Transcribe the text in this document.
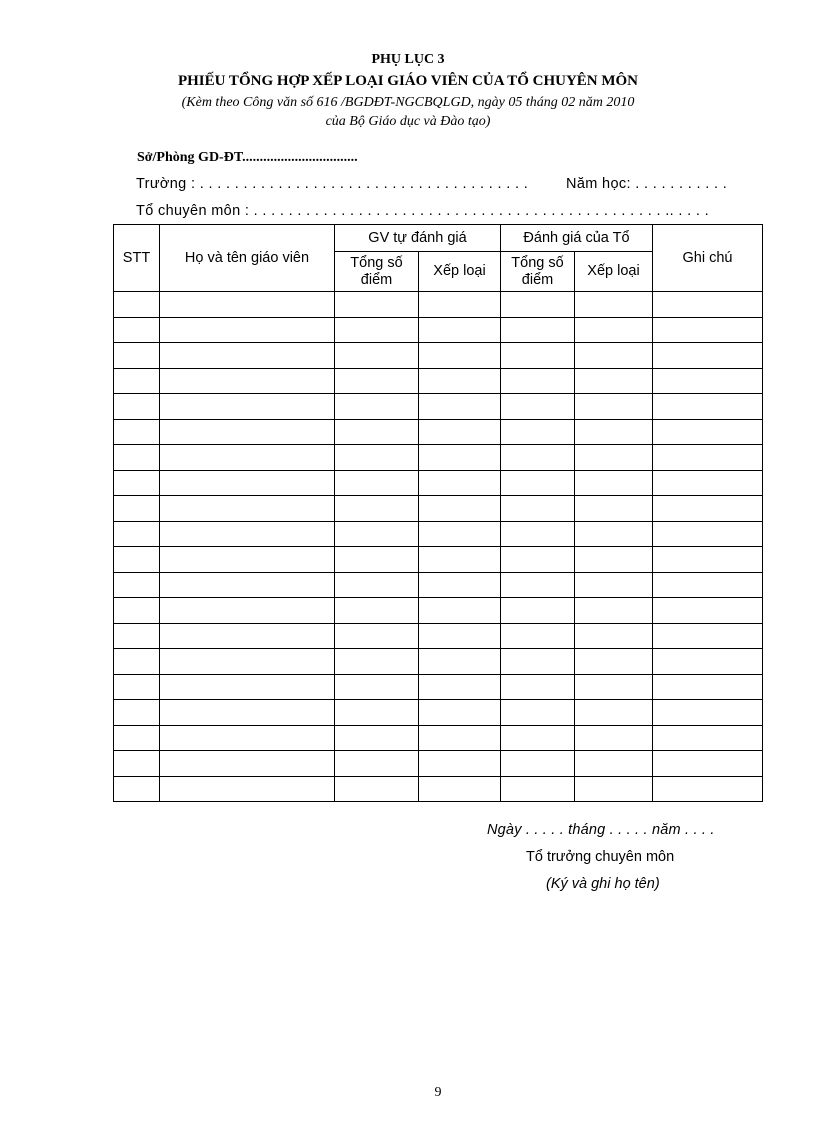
PHỤ LỤC 3
PHIẾU TỔNG HỢP XẾP LOẠI GIÁO VIÊN CỦA TỔ CHUYÊN MÔN
(Kèm theo Công văn số 616 /BGDĐT-NGCBQLGD, ngày 05 tháng 02 năm 2010
của Bộ Giáo dục và Đào tạo)
Sở/Phòng GD-ĐT.................................
Trường : . . . . . . . . . . . . . . . . . . . . . . . . . . . . . . . . . . . . . .	Năm học: . . . . . . . . . . .
Tổ chuyên môn : . . . . . . . . . . . . . . . . . . . . . . . . . . . . . . . . . . . . . . . . . . . . . . . .. . . . .
STT	Họ và tên giáo viên	GV tự đánh giá		Đánh giá của Tổ		Ghi chú
		Tổng số điểm	Xếp loại	Tổng số điểm	Xếp loại	

Ngày . . . . . tháng . . . . . năm . . . .
Tổ trưởng chuyên môn
(Ký và ghi họ tên)
9
